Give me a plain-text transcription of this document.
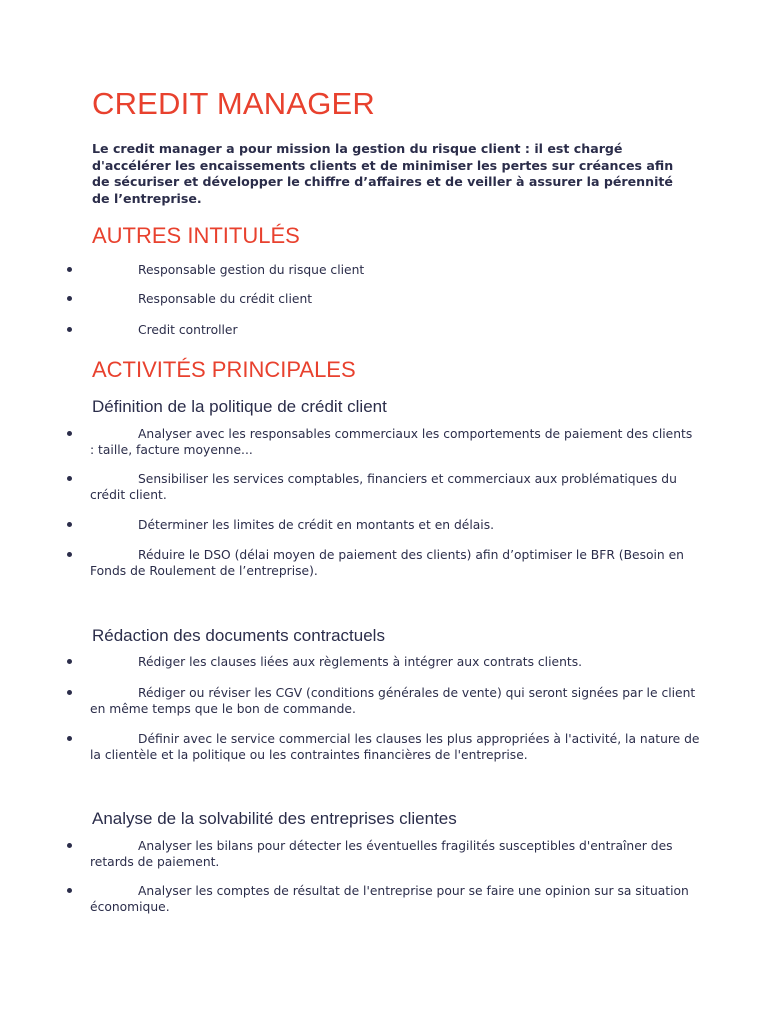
CREDIT MANAGER

Le credit manager a pour mission la gestion du risque client : il est chargé d'accélérer les encaissements clients et de minimiser les pertes sur créances afin de sécuriser et développer le chiffre d’affaires et de veiller à assurer la pérennité de l’entreprise.

AUTRES INTITULÉS

Responsable gestion du risque client

Responsable du crédit client

Credit controller

ACTIVITÉS PRINCIPALES
Définition de la politique de crédit client

Analyser avec les responsables commerciaux les comportements de paiement des clients : taille, facture moyenne...

Sensibiliser les services comptables, financiers et commerciaux aux problématiques du crédit client.

Déterminer les limites de crédit en montants et en délais.

Réduire le DSO (délai moyen de paiement des clients) afin d’optimiser le BFR (Besoin en Fonds de Roulement de l’entreprise).

Rédaction des documents contractuels

Rédiger les clauses liées aux règlements à intégrer aux contrats clients.

Rédiger ou réviser les CGV (conditions générales de vente) qui seront signées par le client en même temps que le bon de commande.

Définir avec le service commercial les clauses les plus appropriées à l'activité, la nature de la clientèle et la politique ou les contraintes financières de l'entreprise.

Analyse de la solvabilité des entreprises clientes

Analyser les bilans pour détecter les éventuelles fragilités susceptibles d'entraîner des retards de paiement.

Analyser les comptes de résultat de l'entreprise pour se faire une opinion sur sa situation économique.
